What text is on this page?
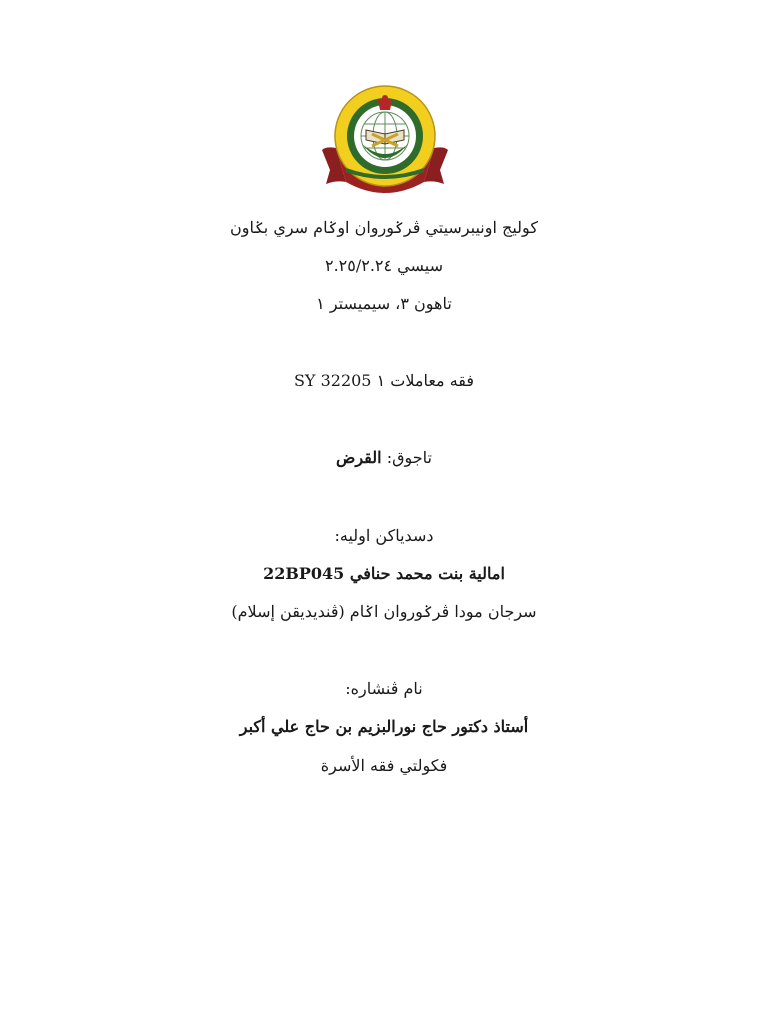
كوليج اونيبرسيتي ڤرݢوروان اوݢام سري بݢاون
سيسي ٢.٢٥/٢.٢٤
تاهون ٣، سيميستر ١
فقه معاملات ١ SY 32205
تاجوق: القرض
دسدياکن اوليه:
امالية بنت محمد حنافي 22BP045
سرجان مودا ڤرݢوروان اݢام (ڤنديديقن إسلام)
نام ڤنشاره:
أستاذ دكتور حاج نورالبزيم بن حاج علي أكبر
فکولتي فقه الأسرة
